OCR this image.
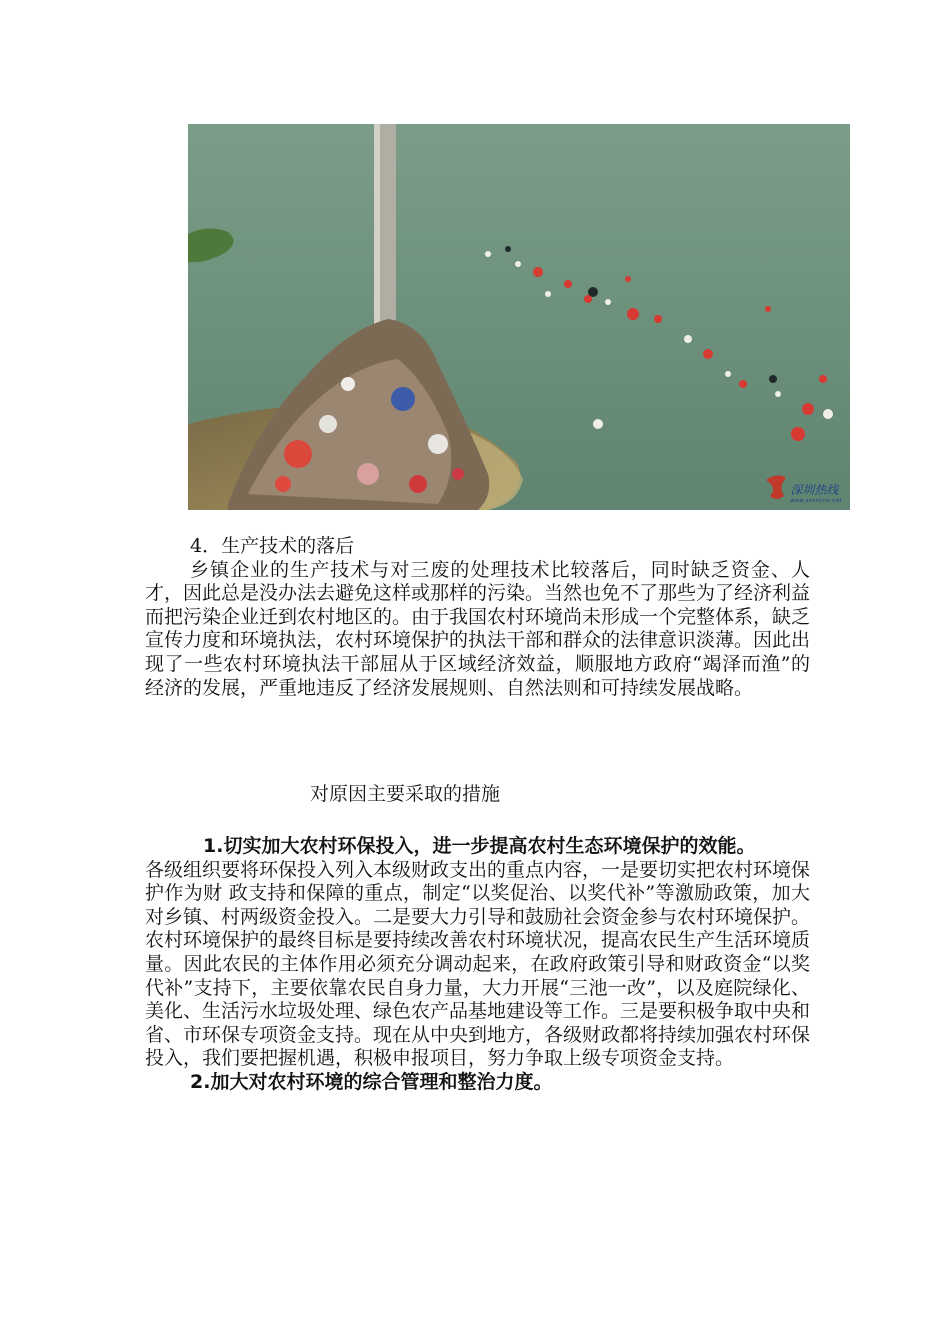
深圳热线
www.szonline.net

4．生产技术的落后

乡镇企业的生产技术与对三废的处理技术比较落后，同时缺乏资金、人才，因此总是没办法去避免这样或那样的污染。当然也免不了那些为了经济利益而把污染企业迁到农村地区的。由于我国农村环境尚未形成一个完整体系，缺乏宣传力度和环境执法，农村环境保护的执法干部和群众的法律意识淡薄。因此出现了一些农村环境执法干部屈从于区域经济效益，顺服地方政府“竭泽而渔”的经济的发展，严重地违反了经济发展规则、自然法则和可持续发展战略。

对原因主要采取的措施

1.切实加大农村环保投入，进一步提高农村生态环境保护的效能。

各级组织要将环保投入列入本级财政支出的重点内容，一是要切实把农村环境保护作为财 政支持和保障的重点，制定“以奖促治、以奖代补”等激励政策，加大对乡镇、村两级资金投入。二是要大力引导和鼓励社会资金参与农村环境保护。农村环境保护的最终目标是要持续改善农村环境状况，提高农民生产生活环境质量。因此农民的主体作用必须充分调动起来，在政府政策引导和财政资金“以奖代补”支持下，主要依靠农民自身力量，大力开展“三池一改”，以及庭院绿化、美化、生活污水垃圾处理、绿色农产品基地建设等工作。三是要积极争取中央和省、市环保专项资金支持。现在从中央到地方，各级财政都将持续加强农村环保投入，我们要把握机遇，积极申报项目，努力争取上级专项资金支持。

2.加大对农村环境的综合管理和整治力度。
